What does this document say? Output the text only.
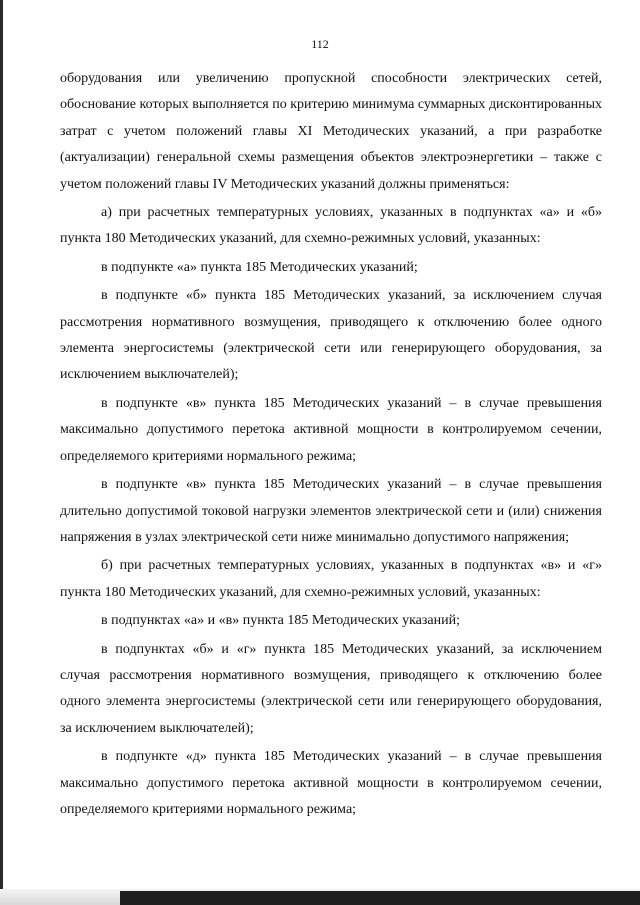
112

оборудования или увеличению пропускной способности электрических сетей, обоснование которых выполняется по критерию минимума суммарных дисконтированных затрат с учетом положений главы XI Методических указаний, а при разработке (актуализации) генеральной схемы размещения объектов электроэнергетики – также с учетом положений главы IV Методических указаний должны применяться:

а) при расчетных температурных условиях, указанных в подпунктах «а» и «б» пункта 180 Методических указаний, для схемно-режимных условий, указанных:

в подпункте «а» пункта 185 Методических указаний;

в подпункте «б» пункта 185 Методических указаний, за исключением случая рассмотрения нормативного возмущения, приводящего к отключению более одного элемента энергосистемы (электрической сети или генерирующего оборудования, за исключением выключателей);

в подпункте «в» пункта 185 Методических указаний – в случае превышения максимально допустимого перетока активной мощности в контролируемом сечении, определяемого критериями нормального режима;

в подпункте «в» пункта 185 Методических указаний – в случае превышения длительно допустимой токовой нагрузки элементов электрической сети и (или) снижения напряжения в узлах электрической сети ниже минимально допустимого напряжения;

б) при расчетных температурных условиях, указанных в подпунктах «в» и «г» пункта 180 Методических указаний, для схемно-режимных условий, указанных:

в подпунктах «а» и «в» пункта 185 Методических указаний;

в подпунктах «б» и «г» пункта 185 Методических указаний, за исключением случая рассмотрения нормативного возмущения, приводящего к отключению более одного элемента энергосистемы (электрической сети или генерирующего оборудования, за исключением выключателей);

в подпункте «д» пункта 185 Методических указаний – в случае превышения максимально допустимого перетока активной мощности в контролируемом сечении, определяемого критериями нормального режима;
